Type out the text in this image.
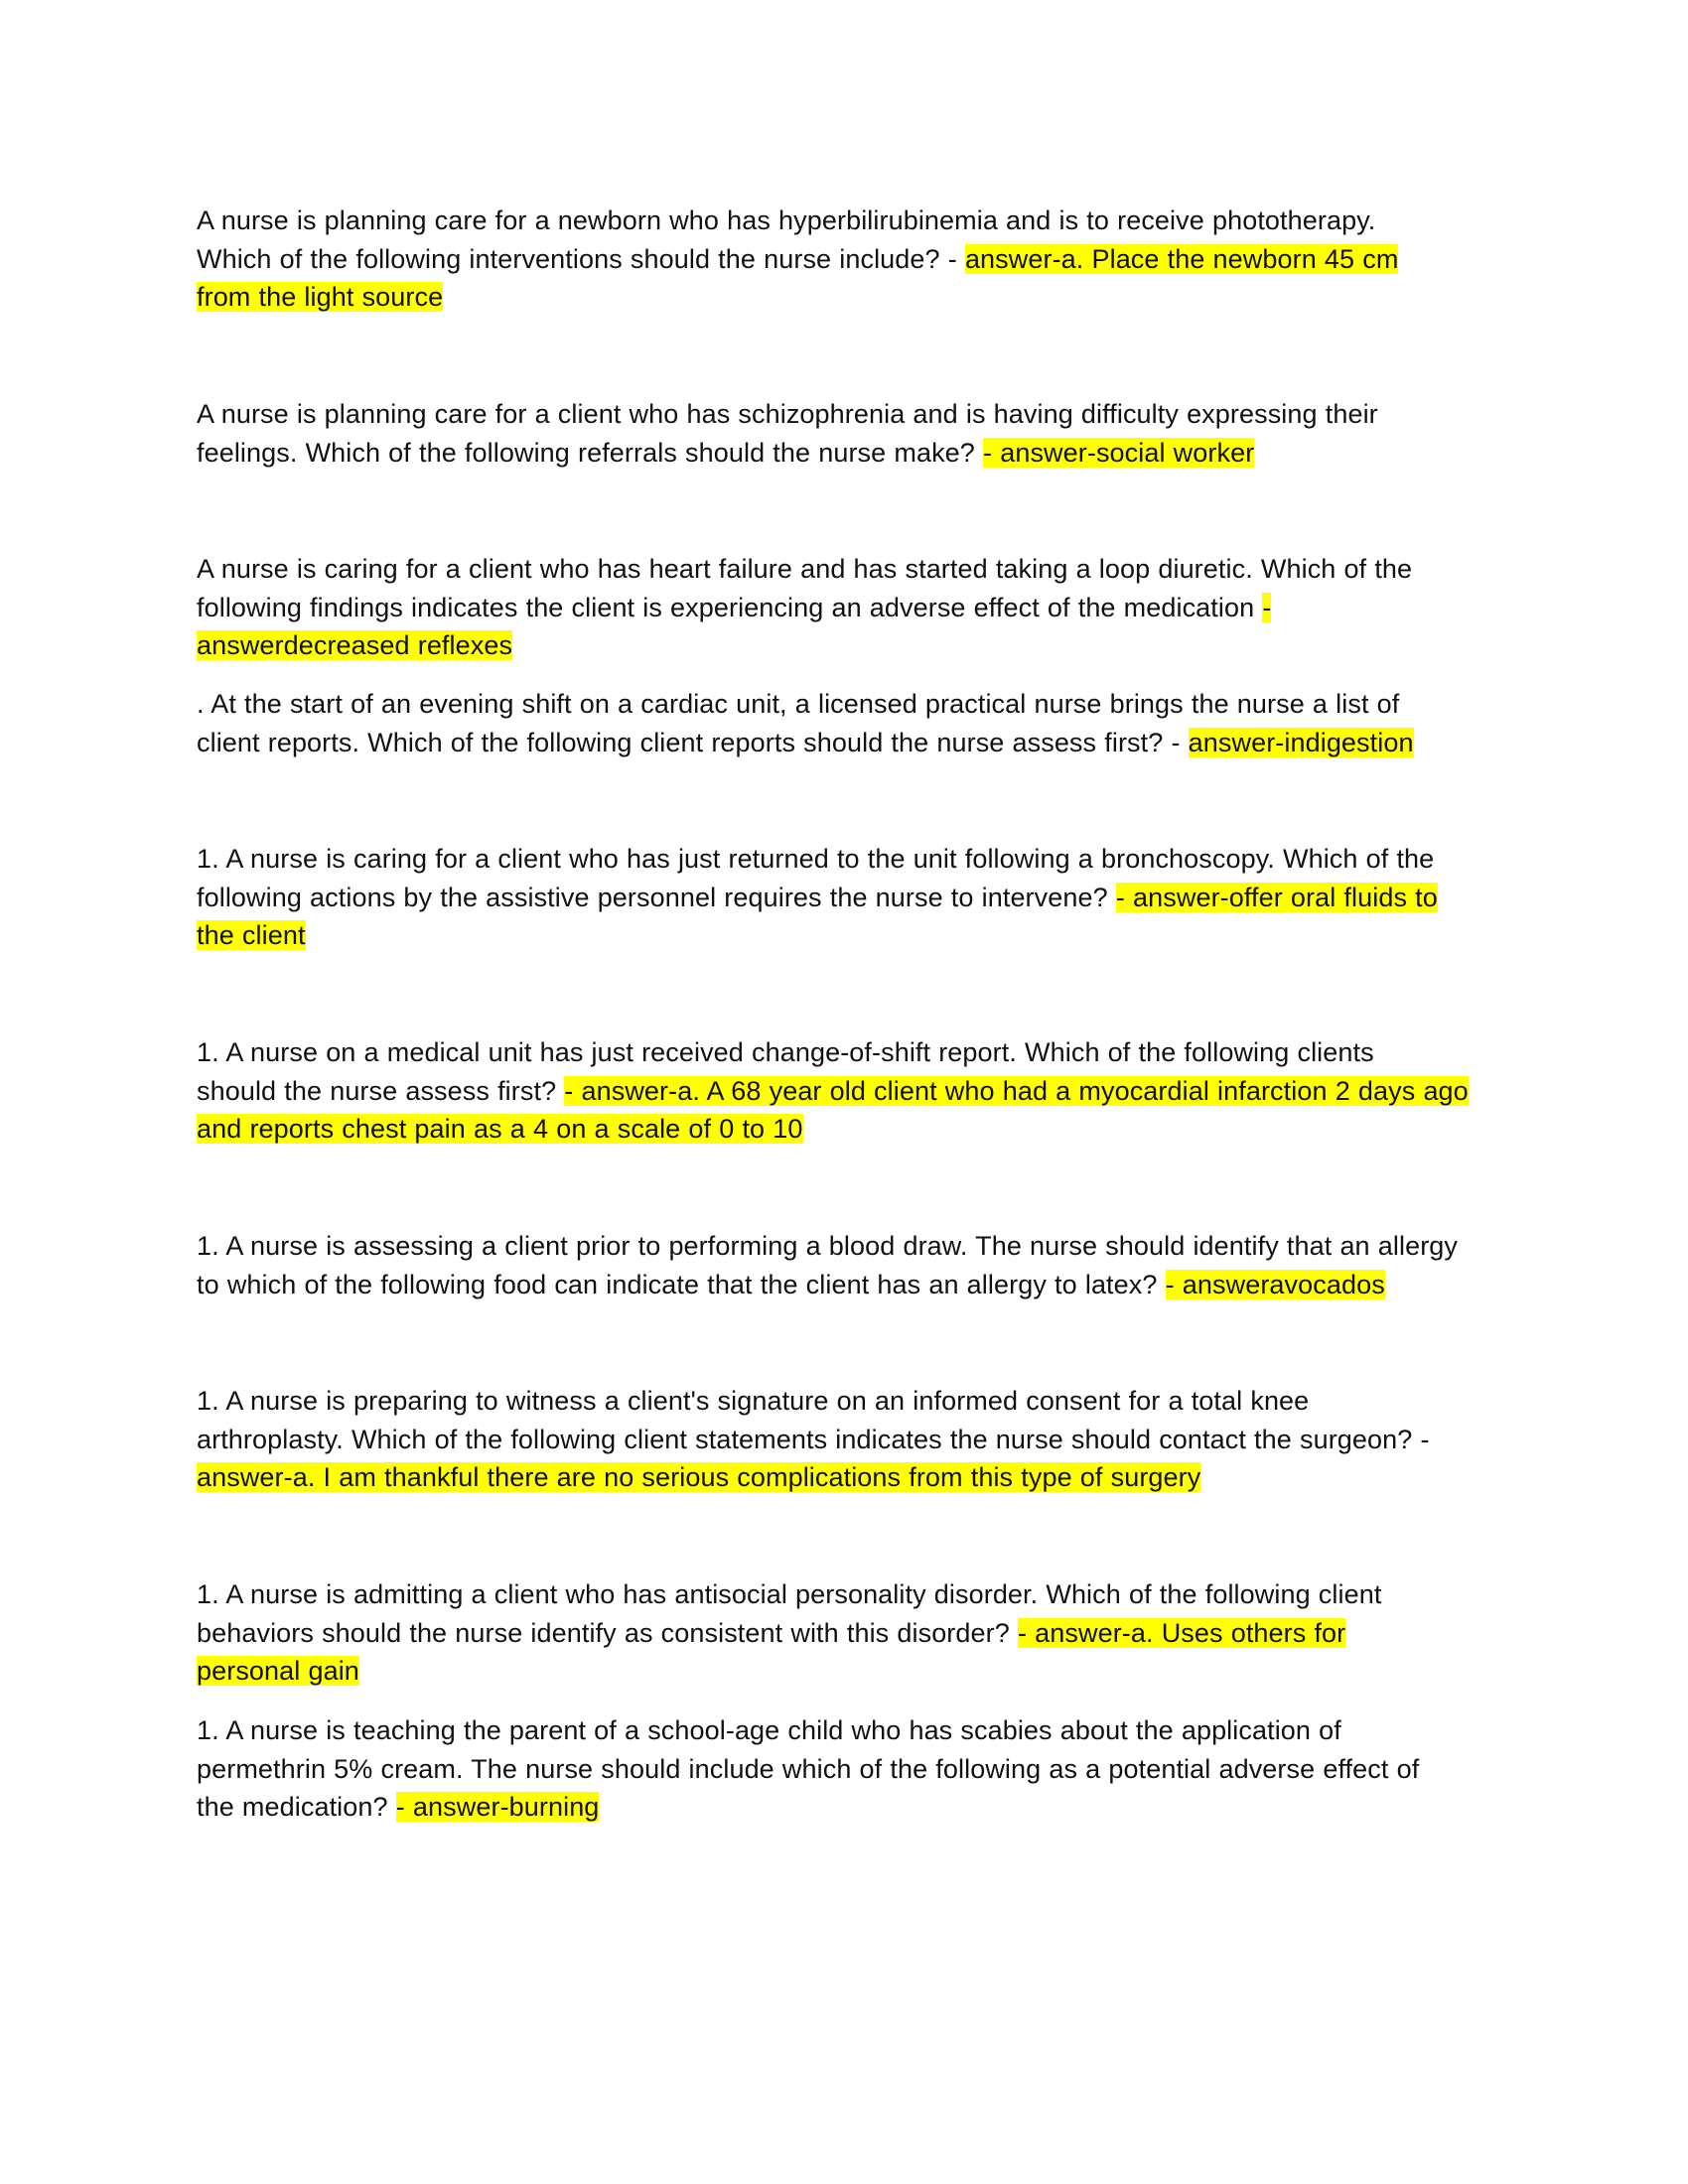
A nurse is planning care for a newborn who has hyperbilirubinemia and is to receive phototherapy.
Which of the following interventions should the nurse include? - answer-a. Place the newborn 45 cm
from the light source

A nurse is planning care for a client who has schizophrenia and is having difficulty expressing their
feelings. Which of the following referrals should the nurse make? - answer-social worker

A nurse is caring for a client who has heart failure and has started taking a loop diuretic. Which of the
following findings indicates the client is experiencing an adverse effect of the medication -
answerdecreased reflexes

. At the start of an evening shift on a cardiac unit, a licensed practical nurse brings the nurse a list of
client reports. Which of the following client reports should the nurse assess first? - answer-indigestion

1. A nurse is caring for a client who has just returned to the unit following a bronchoscopy. Which of the
following actions by the assistive personnel requires the nurse to intervene? - answer-offer oral fluids to
the client

1. A nurse on a medical unit has just received change-of-shift report. Which of the following clients
should the nurse assess first? - answer-a. A 68 year old client who had a myocardial infarction 2 days ago
and reports chest pain as a 4 on a scale of 0 to 10

1. A nurse is assessing a client prior to performing a blood draw. The nurse should identify that an allergy
to which of the following food can indicate that the client has an allergy to latex? - answeravocados

1. A nurse is preparing to witness a client's signature on an informed consent for a total knee
arthroplasty. Which of the following client statements indicates the nurse should contact the surgeon? -
answer-a. I am thankful there are no serious complications from this type of surgery

1. A nurse is admitting a client who has antisocial personality disorder. Which of the following client
behaviors should the nurse identify as consistent with this disorder? - answer-a. Uses others for
personal gain

1. A nurse is teaching the parent of a school-age child who has scabies about the application of
permethrin 5% cream. The nurse should include which of the following as a potential adverse effect of
the medication? - answer-burning
